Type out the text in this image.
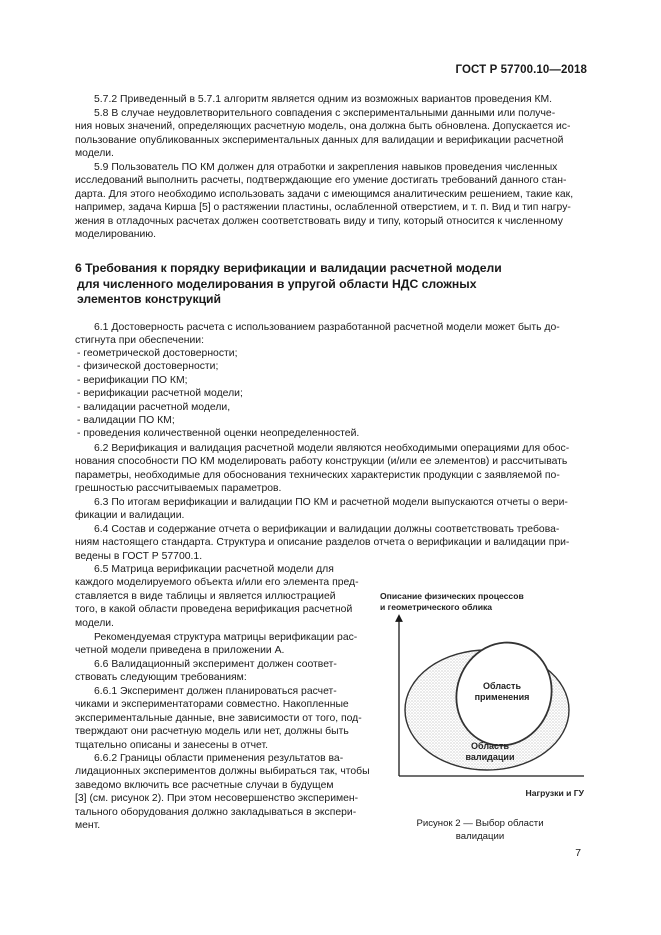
ГОСТ Р 57700.10—2018

5.7.2 Приведенный в 5.7.1 алгоритм является одним из возможных вариантов проведения КМ.

5.8 В случае неудовлетворительного совпадения с экспериментальными данными или получе-
ния новых значений, определяющих расчетную модель, она должна быть обновлена. Допускается ис-
пользование опубликованных экспериментальных данных для валидации и верификации расчетной
модели.

5.9 Пользователь ПО КМ должен для отработки и закрепления навыков проведения численных
исследований выполнить расчеты, подтверждающие его умение достигать требований данного стан-
дарта. Для этого необходимо использовать задачи с имеющимся аналитическим решением, такие как,
например, задача Кирша [5] о растяжении пластины, ослабленной отверстием, и т. п. Вид и тип нагру-
жения в отладочных расчетах должен соответствовать виду и типу, который относится к численному
моделированию.

6 Требования к порядку верификации и валидации расчетной модели
для численного моделирования в упругой области НДС сложных
элементов конструкций

6.1 Достоверность расчета с использованием разработанной расчетной модели может быть до-
стигнута при обеспечении:

- геометрической достоверности;
- физической достоверности;
- верификации ПО КМ;
- верификации расчетной модели;
- валидации расчетной модели,
- валидации ПО КМ;
- проведения количественной оценки неопределенностей.

6.2 Верификация и валидация расчетной модели являются необходимыми операциями для обос-
нования способности ПО КМ моделировать работу конструкции (и/или ее элементов) и рассчитывать
параметры, необходимые для обоснования технических характеристик продукции с заявляемой по-
грешностью рассчитываемых параметров.

6.3 По итогам верификации и валидации ПО КМ и расчетной модели выпускаются отчеты о вери-
фикации и валидации.

6.4 Состав и содержание отчета о верификации и валидации должны соответствовать требова-
ниям настоящего стандарта. Структура и описание разделов отчета о верификации и валидации при-
ведены в ГОСТ Р 57700.1.

6.5 Матрица верификации расчетной модели для
каждого моделируемого объекта и/или его элемента пред-
ставляется в виде таблицы и является иллюстрацией
того, в какой области проведена верификация расчетной
модели.

Рекомендуемая структура матрицы верификации рас-
четной модели приведена в приложении А.

6.6 Валидационный эксперимент должен соответ-
ствовать следующим требованиям:

6.6.1 Эксперимент должен планироваться расчет-
чиками и экспериментаторами совместно. Накопленные
экспериментальные данные, вне зависимости от того, под-
тверждают они расчетную модель или нет, должны быть
тщательно описаны и занесены в отчет.

6.6.2 Границы области применения результатов ва-
лидационных экспериментов должны выбираться так, чтобы
заведомо включить все расчетные случаи в будущем
[3] (см. рисунок 2). При этом несовершенство эксперимен-
тального оборудования должно закладываться в экспери-
мент.

Описание физических процессов
и геометрического облика
Область
применения
Область
валидации
Нагрузки и ГУ
Рисунок 2 — Выбор области
валидации
7
